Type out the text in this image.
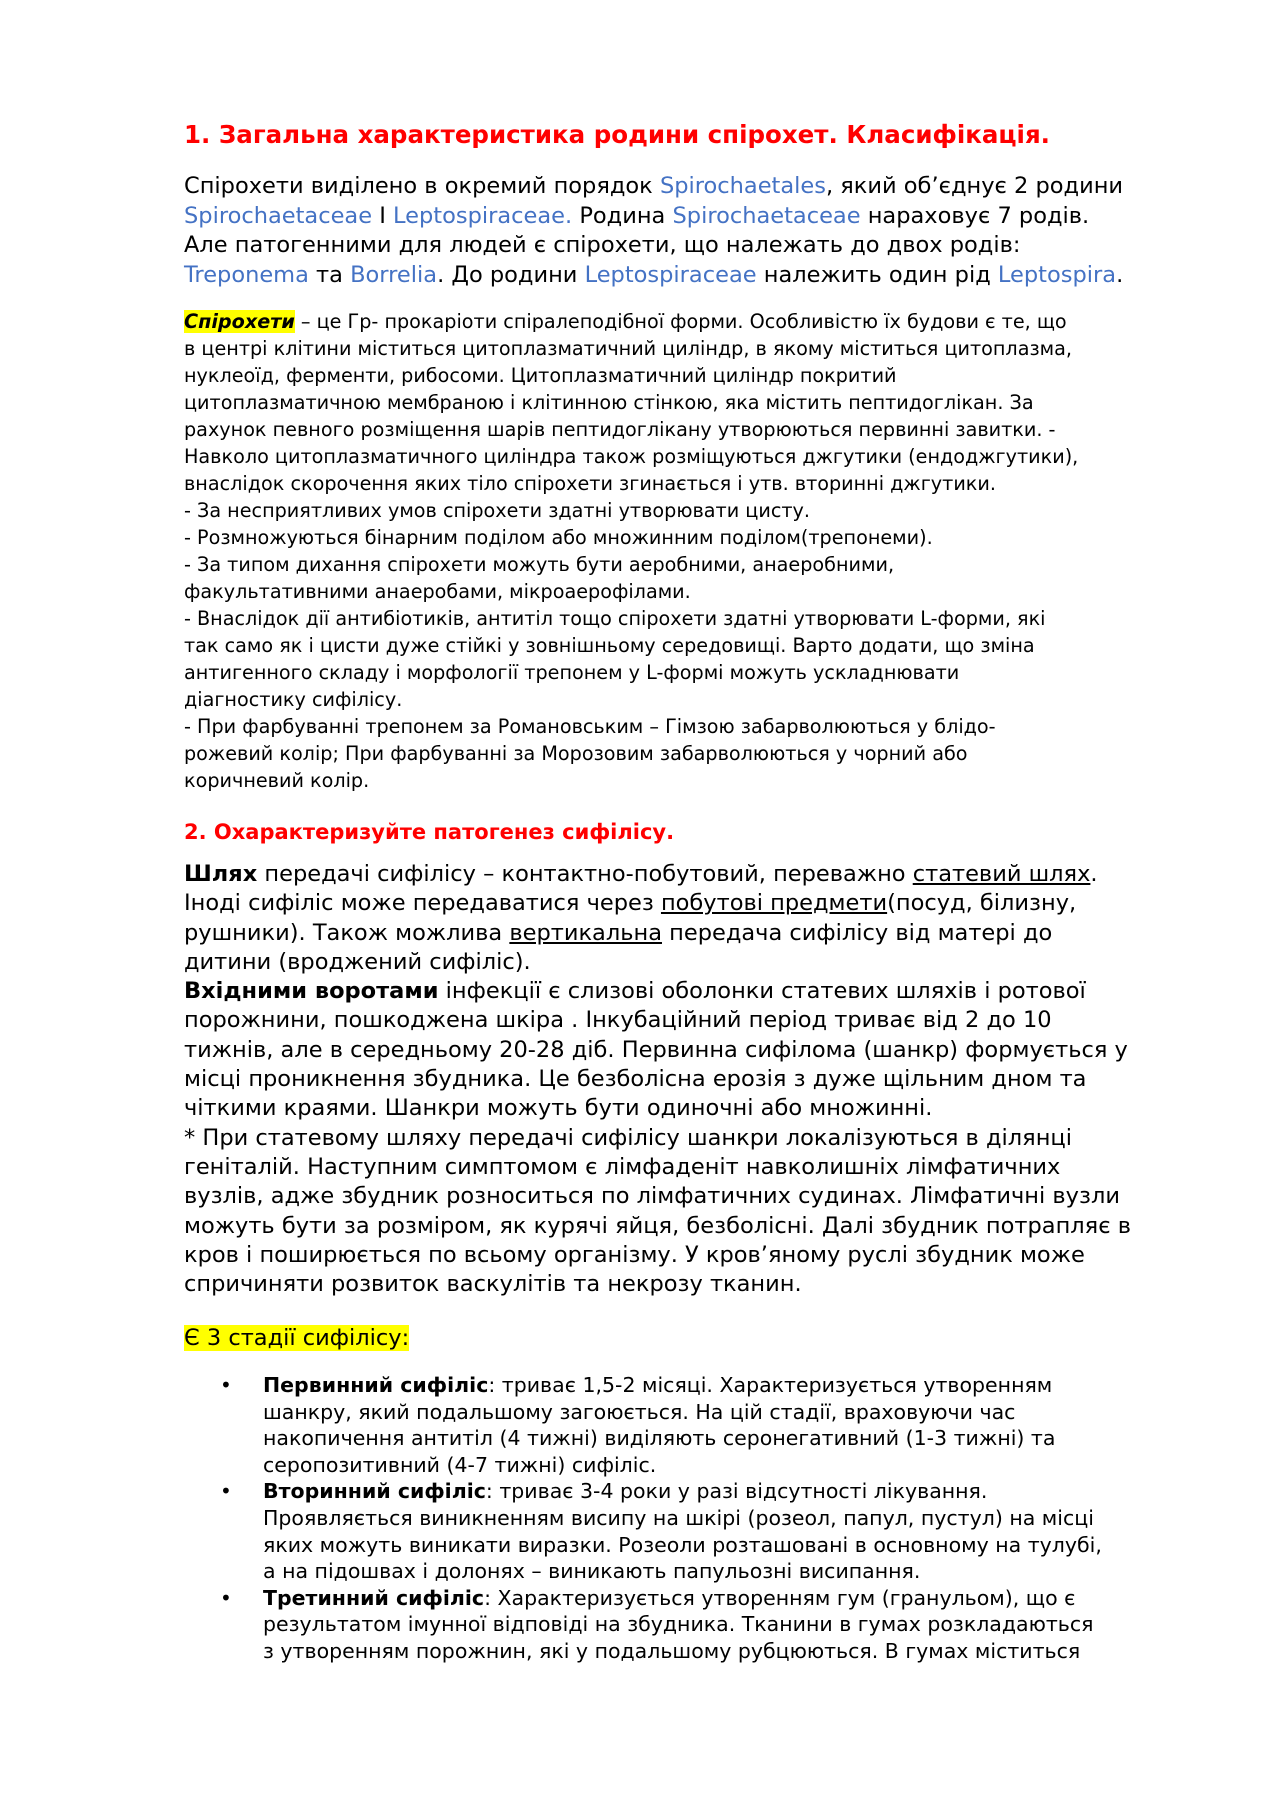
1. Загальна характеристика родини спірохет. Класифікація.
Спірохети виділено в окремий порядок Spirochaetales, який об’єднує 2 родини
Spirochaetaceae І Leptospiraceae. Родина Spirochaetaceae нараховує 7 родів.
Але патогенними для людей є спірохети, що належать до двох родів:
Treponema та Borrelia. До родини Leptospiraceae належить один рід Leptospira.
Спірохети – це Гр- прокаріоти спіралеподібної форми. Особливістю їх будови є те, що
в центрі клітини міститься цитоплазматичний циліндр, в якому міститься цитоплазма,
нуклеоїд, ферменти, рибосоми. Цитоплазматичний циліндр покритий
цитоплазматичною мембраною і клітинною стінкою, яка містить пептидоглікан. За
рахунок певного розміщення шарів пептидоглікану утворюються первинні завитки. -
Навколо цитоплазматичного циліндра також розміщуються джгутики (ендоджгутики),
внаслідок скорочення яких тіло спірохети згинається і утв. вторинні джгутики.
- За несприятливих умов спірохети здатні утворювати цисту.
- Розмножуються бінарним поділом або множинним поділом(трепонеми).
- За типом дихання спірохети можуть бути аеробними, анаеробними,
факультативними анаеробами, мікроаерофілами.
- Внаслідок дії антибіотиків, антитіл тощо спірохети здатні утворювати L-форми, які
так само як і цисти дуже стійкі у зовнішньому середовищі. Варто додати, що зміна
антигенного складу і морфології трепонем у L-формі можуть ускладнювати
діагностику сифілісу.
- При фарбуванні трепонем за Романовським – Гімзою забарволюються у блідо-
рожевий колір; При фарбуванні за Морозовим забарволюються у чорний або
коричневий колір.
2. Охарактеризуйте патогенез сифілісу.
Шлях передачі сифілісу – контактно-побутовий, переважно статевий шлях.
Іноді сифіліс може передаватися через побутові предмети(посуд, білизну,
рушники). Також можлива вертикальна передача сифілісу від матері до
дитини (вроджений сифіліс).
Вхідними воротами інфекції є слизові оболонки статевих шляхів і ротової
порожнини, пошкоджена шкіра . Інкубаційний період триває від 2 до 10
тижнів, але в середньому 20-28 діб. Первинна сифілома (шанкр) формується у
місці проникнення збудника. Це безболісна ерозія з дуже щільним дном та
чіткими краями. Шанкри можуть бути одиночні або множинні.
* При статевому шляху передачі сифілісу шанкри локалізуються в ділянці
геніталій. Наступним симптомом є лімфаденіт навколишніх лімфатичних
вузлів, адже збудник розноситься по лімфатичних судинах. Лімфатичні вузли
можуть бути за розміром, як курячі яйця, безболісні. Далі збудник потрапляє в
кров і поширюється по всьому організму. У кров’яному руслі збудник може
спричиняти розвиток васкулітів та некрозу тканин.
Є 3 стадії сифілісу:
•	Первинний сифіліс: триває 1,5-2 місяці. Характеризується утворенням
шанкру, який подальшому загоюється. На цій стадії, враховуючи час
накопичення антитіл (4 тижні) виділяють серонегативний (1-3 тижні) та
серопозитивний (4-7 тижні) сифіліс.
•	Вторинний сифіліс: триває 3-4 роки у разі відсутності лікування.
Проявляється виникненням висипу на шкірі (розеол, папул, пустул) на місці
яких можуть виникати виразки. Розеоли розташовані в основному на тулубі,
а на підошвах і долонях – виникають папульозні висипання.
•	Третинний сифіліс: Характеризується утворенням гум (гранульом), що є
результатом імунної відповіді на збудника. Тканини в гумах розкладаються
з утворенням порожнин, які у подальшому рубцюються. В гумах міститься
